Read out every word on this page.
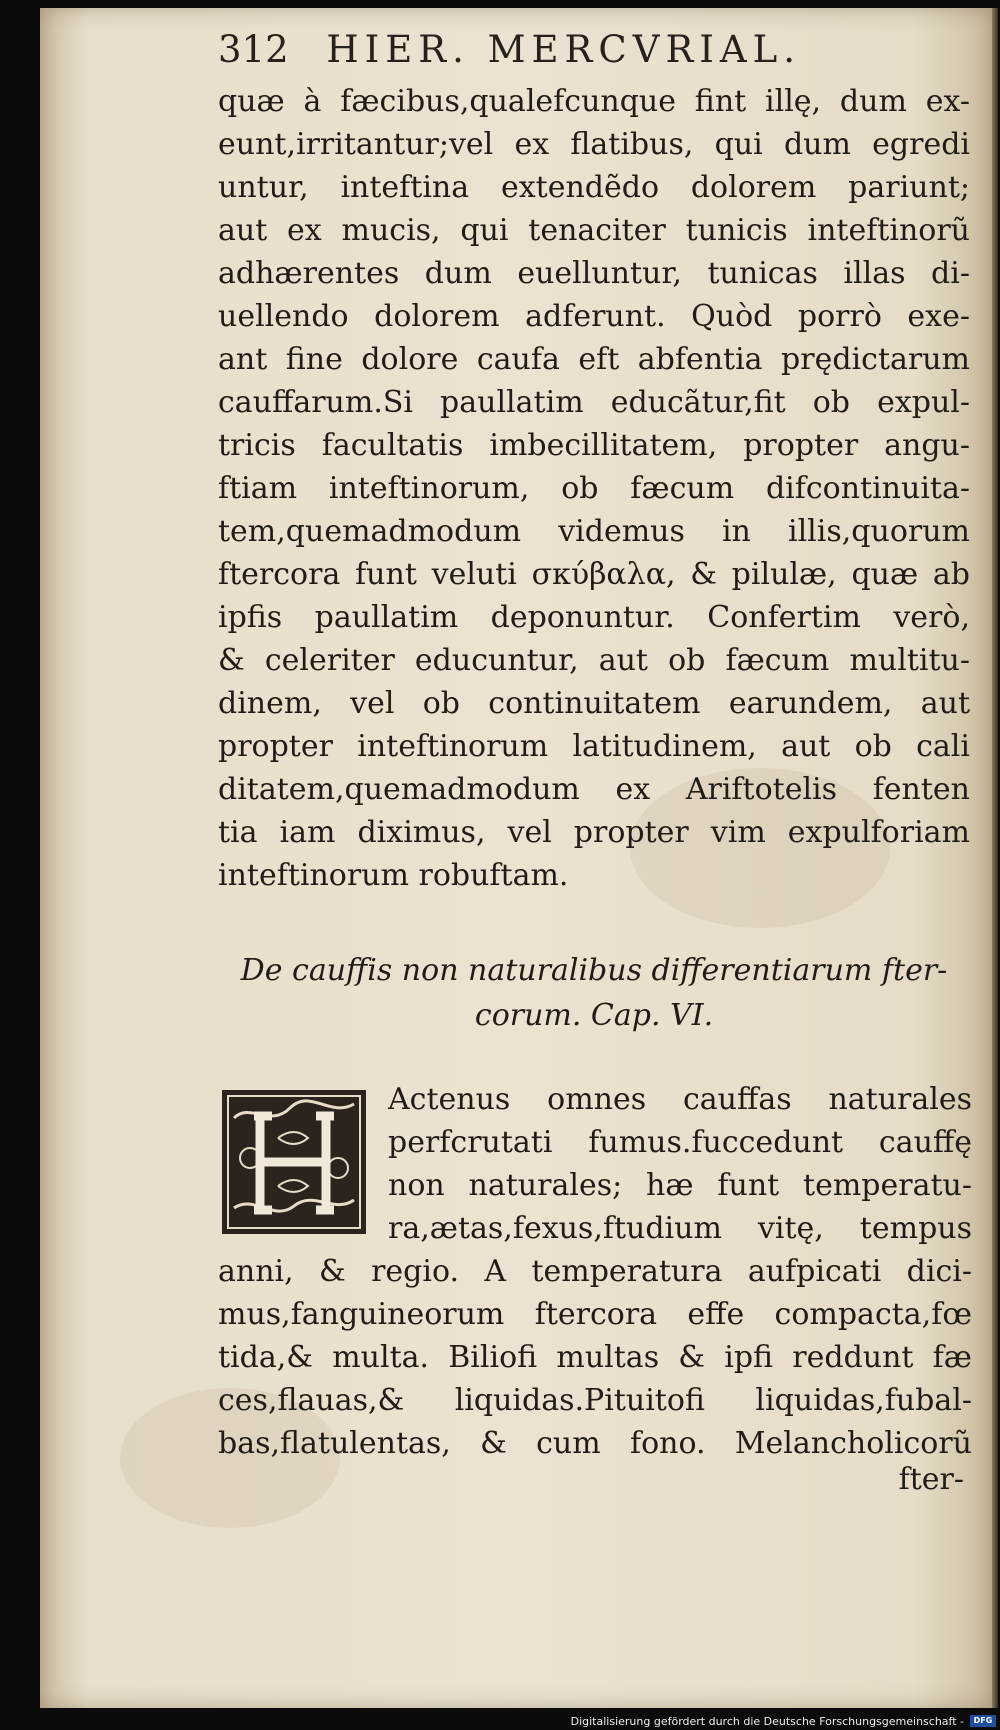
312 HIER. MERCVRIAL.
quæ à fæcibus,qualefcunque fint illę, dum ex-
eunt,irritantur;vel ex flatibus, qui dum egredi
untur, inteftina extendẽdo dolorem pariunt;
aut ex mucis, qui tenaciter tunicis inteftinorũ
adhærentes dum euelluntur, tunicas illas di-
uellendo dolorem adferunt. Quòd porrò exe-
ant fine dolore caufa eft abfentia prędictarum
cauffarum.Si paullatim educãtur,fit ob expul-
tricis facultatis imbecillitatem, propter angu-
ftiam inteftinorum, ob fæcum difcontinuita-
tem,quemadmodum videmus in illis,quorum
ftercora funt veluti σκύβαλα, & pilulæ, quæ ab
ipfis paullatim deponuntur. Confertim verò,
& celeriter educuntur, aut ob fæcum multitu-
dinem, vel ob continuitatem earundem, aut
propter inteftinorum latitudinem, aut ob cali
ditatem,quemadmodum ex Ariftotelis fenten
tia iam diximus, vel propter vim expulforiam
inteftinorum robuftam.
De cauffis non naturalibus differentiarum fter-
corum. Cap. VI.
Actenus omnes cauffas naturales
perfcrutati fumus.fuccedunt cauffę
non naturales; hæ funt temperatu-
ra,ætas,fexus,ftudium vitę, tempus
anni, & regio. A temperatura aufpicati dici-
mus,fanguineorum ftercora effe compacta,fœ
tida,& multa. Biliofi multas & ipfi reddunt fæ
ces,flauas,& liquidas.Pituitofi liquidas,fubal-
bas,flatulentas, & cum fono. Melancholicorũ
fter-
Digitalisierung gefördert durch die Deutsche Forschungsgemeinschaft -	DFG
